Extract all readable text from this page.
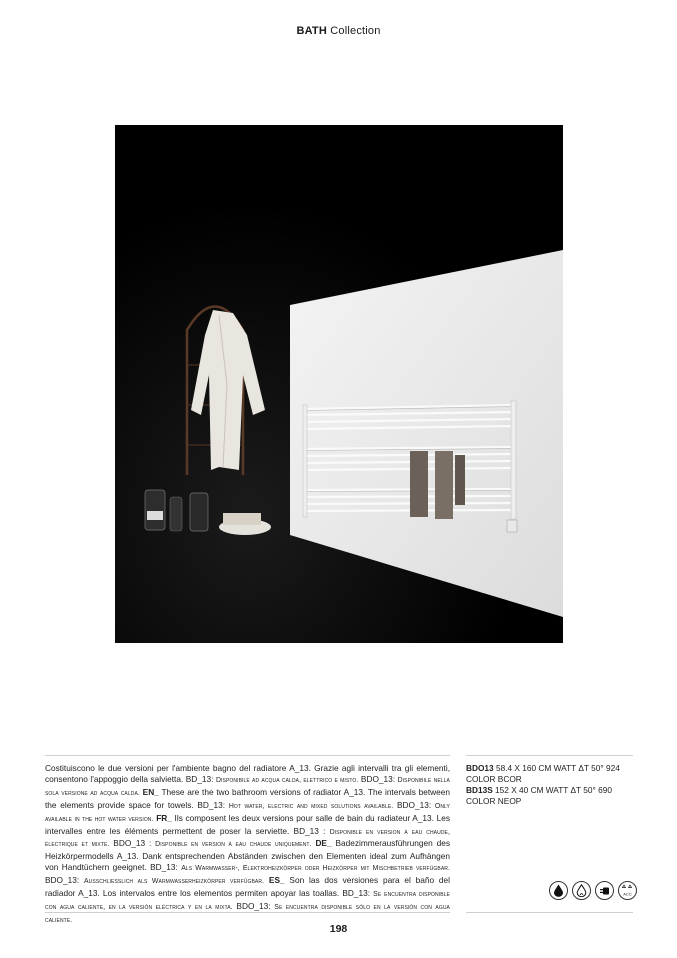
BATH Collection
Costituiscono le due versioni per l'ambiente bagno del radiatore A_13. Grazie agli intervalli tra gli elementi, consentono l'appoggio della salvietta. BD_13: Disponibile ad acqua calda, elettrico e misto. BDO_13: Disponibile nella sola versione ad acqua calda. EN_ These are the two bathroom versions of radiator A_13. The intervals between the elements provide space for towels. BD_13: Hot water, electric and mixed solutions available. BDO_13: Only available in the hot water version. FR_ Ils composent les deux versions pour salle de bain du radiateur A_13. Les intervalles entre les éléments permettent de poser la serviette. BD_13 : Disponible en version à eau chaude, électrique et mixte. BDO_13 : Disponible en version à eau chaude uniquement. DE_ Badezimmerausführungen des Heizkörpermodells A_13. Dank entsprechenden Abständen zwischen den Elementen ideal zum Aufhängen von Handtüchern geeignet. BD_13: Als Warmwasser-, Elektroheizkörper oder Heizkörper mit Mischbetrieb verfügbar. BDO_13: Ausschliesslich als Warmwasserheizkörper verfügbar. ES_ Son las dos versiones para el baño del radiador A_13. Los intervalos entre los elementos permiten apoyar las toallas. BD_13: Se encuentra disponible con agua caliente, en la versión eléctrica y en la mixta. BDO_13: Se encuentra disponible sólo en la versión con agua caliente.
BDO13 58.4 X 160 CM WATT ΔT 50° 924
COLOR BCOR
BD13S 152 X 40 CM WATT ΔT 50° 690
COLOR NEOP
ACC
198
